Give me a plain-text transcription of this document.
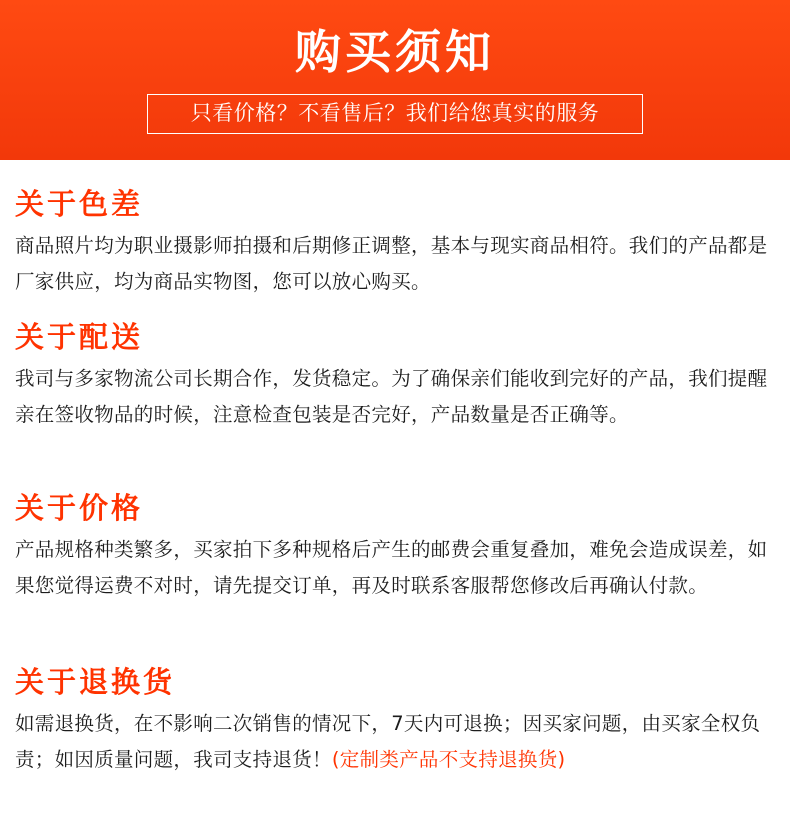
购买须知
只看价格？不看售后？我们给您真实的服务
关于色差

商品照片均为职业摄影师拍摄和后期修正调整，基本与现实商品相符。我们的产品都是厂家供应，均为商品实物图，您可以放心购买。

关于配送

我司与多家物流公司长期合作，发货稳定。为了确保亲们能收到完好的产品，我们提醒亲在签收物品的时候，注意检查包装是否完好，产品数量是否正确等。

关于价格

产品规格种类繁多，买家拍下多种规格后产生的邮费会重复叠加，难免会造成误差，如果您觉得运费不对时，请先提交订单，再及时联系客服帮您修改后再确认付款。

关于退换货

如需退换货，在不影响二次销售的情况下，7天内可退换；因买家问题，由买家全权负责；如因质量问题，我司支持退货！(定制类产品不支持退换货)
